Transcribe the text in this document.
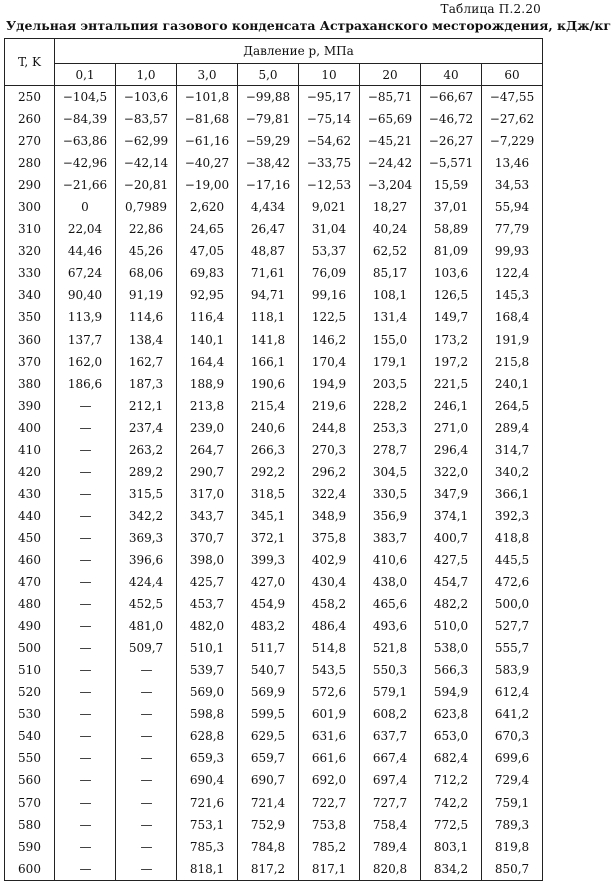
Таблица П.2.20
Удельная энтальпия газового конденсата Астраханского месторождения, кДж/кг
T, K	Давление p, МПа							
	0,1	1,0	3,0	5,0	10	20	40	60
250	−104,5	−103,6	−101,8	−99,88	−95,17	−85,71	−66,67	−47,55
260	−84,39	−83,57	−81,68	−79,81	−75,14	−65,69	−46,72	−27,62
270	−63,86	−62,99	−61,16	−59,29	−54,62	−45,21	−26,27	−7,229
280	−42,96	−42,14	−40,27	−38,42	−33,75	−24,42	−5,571	13,46
290	−21,66	−20,81	−19,00	−17,16	−12,53	−3,204	15,59	34,53
300	0	0,7989	2,620	4,434	9,021	18,27	37,01	55,94
310	22,04	22,86	24,65	26,47	31,04	40,24	58,89	77,79
320	44,46	45,26	47,05	48,87	53,37	62,52	81,09	99,93
330	67,24	68,06	69,83	71,61	76,09	85,17	103,6	122,4
340	90,40	91,19	92,95	94,71	99,16	108,1	126,5	145,3
350	113,9	114,6	116,4	118,1	122,5	131,4	149,7	168,4
360	137,7	138,4	140,1	141,8	146,2	155,0	173,2	191,9
370	162,0	162,7	164,4	166,1	170,4	179,1	197,2	215,8
380	186,6	187,3	188,9	190,6	194,9	203,5	221,5	240,1
390	—	212,1	213,8	215,4	219,6	228,2	246,1	264,5
400	—	237,4	239,0	240,6	244,8	253,3	271,0	289,4
410	—	263,2	264,7	266,3	270,3	278,7	296,4	314,7
420	—	289,2	290,7	292,2	296,2	304,5	322,0	340,2
430	—	315,5	317,0	318,5	322,4	330,5	347,9	366,1
440	—	342,2	343,7	345,1	348,9	356,9	374,1	392,3
450	—	369,3	370,7	372,1	375,8	383,7	400,7	418,8
460	—	396,6	398,0	399,3	402,9	410,6	427,5	445,5
470	—	424,4	425,7	427,0	430,4	438,0	454,7	472,6
480	—	452,5	453,7	454,9	458,2	465,6	482,2	500,0
490	—	481,0	482,0	483,2	486,4	493,6	510,0	527,7
500	—	509,7	510,1	511,7	514,8	521,8	538,0	555,7
510	—	—	539,7	540,7	543,5	550,3	566,3	583,9
520	—	—	569,0	569,9	572,6	579,1	594,9	612,4
530	—	—	598,8	599,5	601,9	608,2	623,8	641,2
540	—	—	628,8	629,5	631,6	637,7	653,0	670,3
550	—	—	659,3	659,7	661,6	667,4	682,4	699,6
560	—	—	690,4	690,7	692,0	697,4	712,2	729,4
570	—	—	721,6	721,4	722,7	727,7	742,2	759,1
580	—	—	753,1	752,9	753,8	758,4	772,5	789,3
590	—	—	785,3	784,8	785,2	789,4	803,1	819,8
600	—	—	818,1	817,2	817,1	820,8	834,2	850,7
